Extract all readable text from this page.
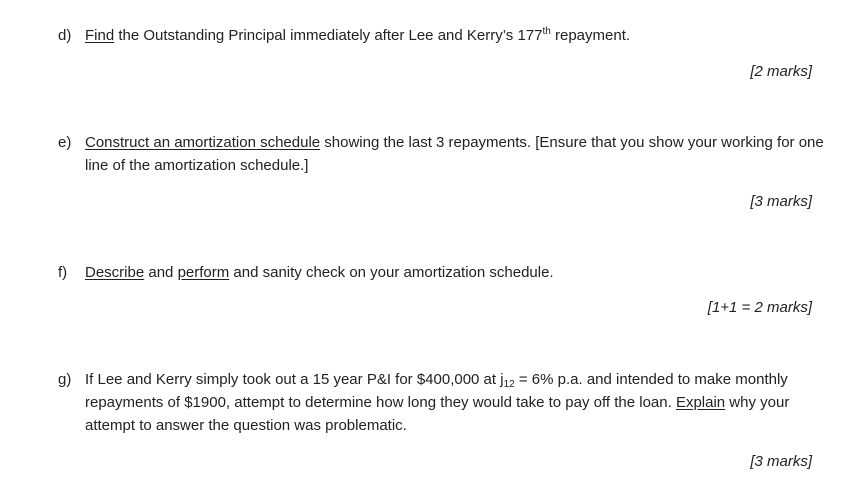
d) Find the Outstanding Principal immediately after Lee and Kerry’s 177th repayment.
[2 marks]
e) Construct an amortization schedule showing the last 3 repayments. [Ensure that you show your working for one line of the amortization schedule.]
[3 marks]
f) Describe and perform and sanity check on your amortization schedule.
[1+1 = 2 marks]
g) If Lee and Kerry simply took out a 15 year P&I for $400,000 at $j_{12} = 6\%$ p.a. and intended to make monthly repayments of $1900, attempt to determine how long they would take to pay off the loan. Explain why your attempt to answer the question was problematic.
[3 marks]
